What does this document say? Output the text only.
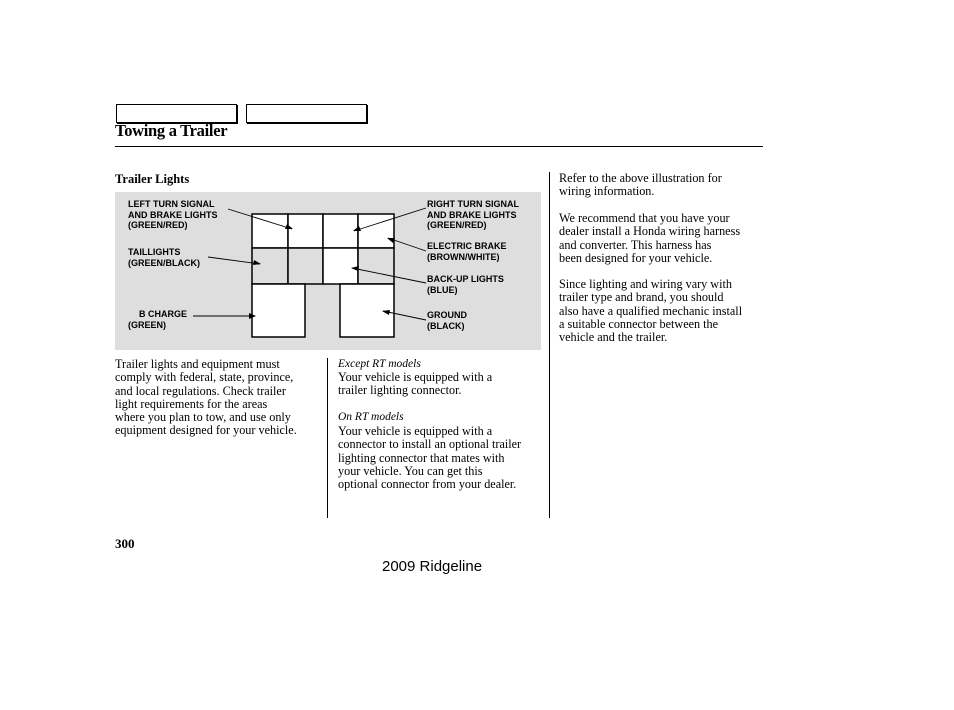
Towing a Trailer
Trailer Lights
LEFT TURN SIGNAL
AND BRAKE LIGHTS
(GREEN/RED)
TAILLIGHTS
(GREEN/BLACK)

B CHARGE
(GREEN)
RIGHT TURN SIGNAL
AND BRAKE LIGHTS
(GREEN/RED)
ELECTRIC BRAKE
(BROWN/WHITE)
BACK-UP LIGHTS
(BLUE)
GROUND
(BLACK)
Trailer lights and equipment must
comply with federal, state, province,
and local regulations. Check trailer
light requirements for the areas
where you plan to tow, and use only
equipment designed for your vehicle.
Except RT models
Your vehicle is equipped with a
trailer lighting connector.
On RT models
Your vehicle is equipped with a
connector to install an optional trailer
lighting connector that mates with
your vehicle. You can get this
optional connector from your dealer.
Refer to the above illustration for
wiring information.
We recommend that you have your
dealer install a Honda wiring harness
and converter. This harness has
been designed for your vehicle.
Since lighting and wiring vary with
trailer type and brand, you should
also have a qualified mechanic install
a suitable connector between the
vehicle and the trailer.
300
2009 Ridgeline
